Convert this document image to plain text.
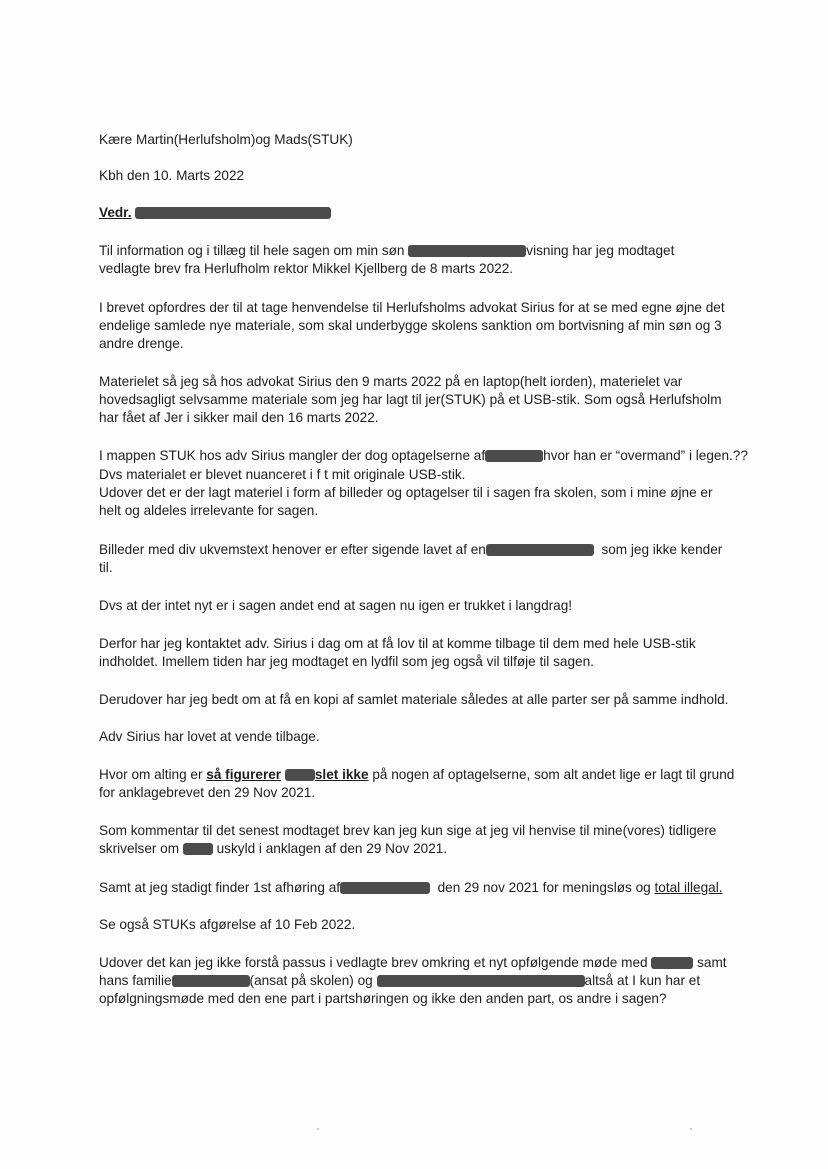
Kære Martin(Herlufsholm)og Mads(STUK)
Kbh den 10. Marts 2022
Vedr.
Til information og i tillæg til hele sagen om min søn	visning har jeg modtaget
vedlagte brev fra Herlufholm rektor Mikkel Kjellberg de 8 marts 2022.
I brevet opfordres der til at tage henvendelse til Herlufsholms advokat Sirius for at se med egne øjne det
endelige samlede nye materiale, som skal underbygge skolens sanktion om bortvisning af min søn og 3
andre drenge.
Materielet så jeg så hos advokat Sirius den 9 marts 2022 på en laptop(helt iorden), materielet var
hovedsagligt selvsamme materiale som jeg har lagt til jer(STUK) på et USB-stik. Som også Herlufsholm
har fået af Jer i sikker mail den 16 marts 2022.
I mappen STUK hos adv Sirius mangler der dog optagelserne af	hvor han er “overmand” i legen.??
Dvs materialet er blevet nuanceret i f t mit originale USB-stik.
Udover det er der lagt materiel i form af billeder og optagelser til i sagen fra skolen, som i mine øjne er
helt og aldeles irrelevante for sagen.
Billeder med div ukvemstext henover er efter sigende lavet af en	som jeg ikke kender
til.
Dvs at der intet nyt er i sagen andet end at sagen nu igen er trukket i langdrag!
Derfor har jeg kontaktet adv. Sirius i dag om at få lov til at komme tilbage til dem med hele USB-stik
indholdet. Imellem tiden har jeg modtaget en lydfil som jeg også vil tilføje til sagen.
Derudover har jeg bedt om at få en kopi af samlet materiale således at alle parter ser på samme indhold.
Adv Sirius har lovet at vende tilbage.
Hvor om alting er så figurerer slet ikke på nogen af optagelserne, som alt andet lige er lagt til grund
for anklagebrevet den 29 Nov 2021.
Som kommentar til det senest modtaget brev kan jeg kun sige at jeg vil henvise til mine(vores) tidligere
skrivelser om	uskyld i anklagen af den 29 Nov 2021.
Samt at jeg stadigt finder 1st afhøring af	den 29 nov 2021 for meningsløs og total illegal.
Se også STUKs afgørelse af 10 Feb 2022.
Udover det kan jeg ikke forstå passus i vedlagte brev omkring et nyt opfølgende møde med	samt
hans familie	(ansat på skolen) og	altså at I kun har et
opfølgningsmøde med den ene part i partshøringen og ikke den anden part, os andre i sagen?
